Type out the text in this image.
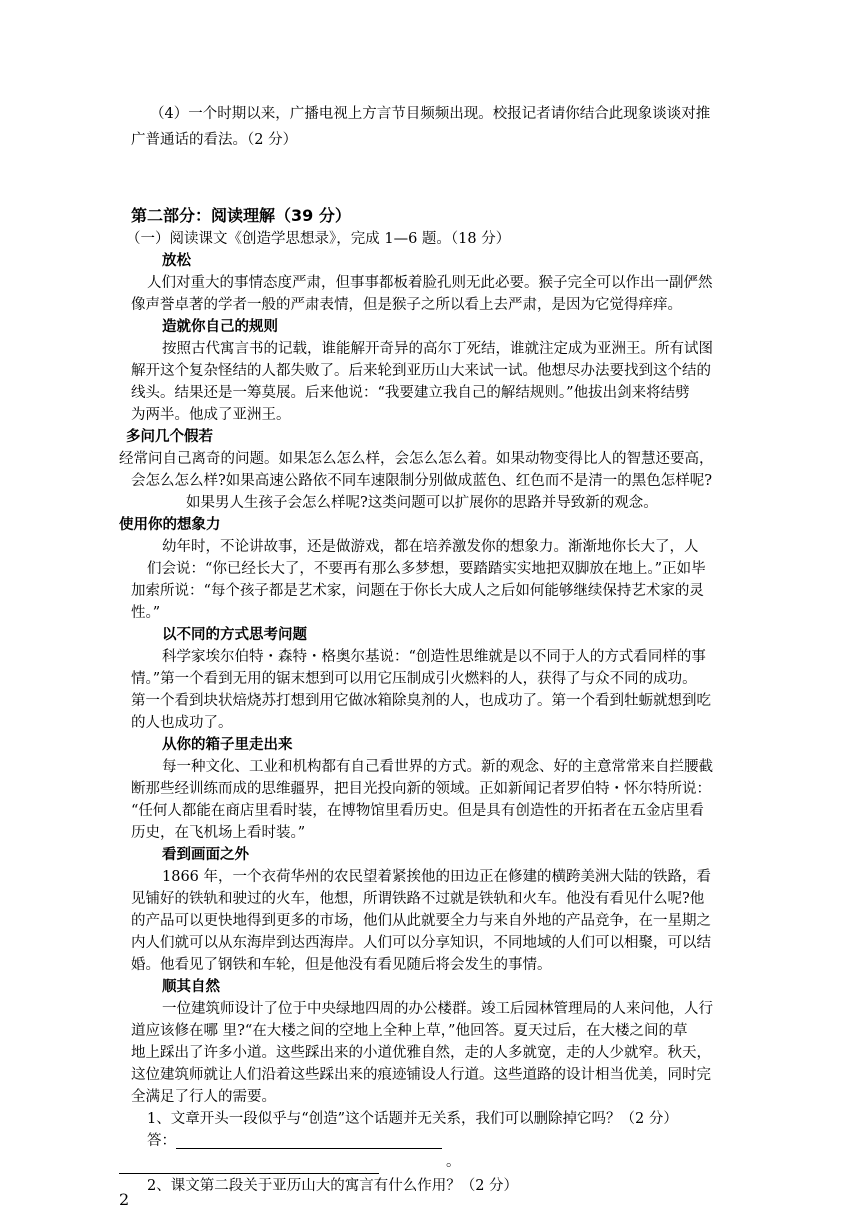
（4）一个时期以来，广播电视上方言节目频频出现。校报记者请你结合此现象谈谈对推
广普通话的看法。（2 分）
第二部分：阅读理解（39 分）
（一）阅读课文《创造学思想录》，完成 1—6 题。（18 分）
放松
人们对重大的事情态度严肃，但事事都板着脸孔则无此必要。猴子完全可以作出一副俨然
像声誉卓著的学者一般的严肃表情，但是猴子之所以看上去严肃，是因为它觉得痒痒。
造就你自己的规则
按照古代寓言书的记载，谁能解开奇异的高尔丁死结，谁就注定成为亚洲王。所有试图
解开这个复杂怪结的人都失败了。后来轮到亚历山大来试一试。他想尽办法要找到这个结的
线头。结果还是一筹莫展。后来他说：“我要建立我自己的解结规则。”他拔出剑来将结劈
为两半。他成了亚洲王。
多问几个假若
经常问自己离奇的问题。如果怎么怎么样，会怎么怎么着。如果动物变得比人的智慧还要高，
会怎么怎么样?如果高速公路依不同车速限制分别做成蓝色、红色而不是清一的黑色怎样呢?
如果男人生孩子会怎么样呢?这类问题可以扩展你的思路并导致新的观念。
使用你的想象力
幼年时，不论讲故事，还是做游戏，都在培养激发你的想象力。渐渐地你长大了，人
们会说：“你已经长大了，不要再有那么多梦想，要踏踏实实地把双脚放在地上。”正如毕
加索所说：“每个孩子都是艺术家，问题在于你长大成人之后如何能够继续保持艺术家的灵
性。”
以不同的方式思考问题
科学家埃尔伯特・森特・格奥尔基说：“创造性思维就是以不同于人的方式看同样的事
情。”第一个看到无用的锯末想到可以用它压制成引火燃料的人，获得了与众不同的成功。
第一个看到块状焙烧苏打想到用它做冰箱除臭剂的人，也成功了。第一个看到牡蛎就想到吃
的人也成功了。
从你的箱子里走出来
每一种文化、工业和机构都有自己看世界的方式。新的观念、好的主意常常来自拦腰截
断那些经训练而成的思维疆界，把目光投向新的领域。正如新闻记者罗伯特・怀尔特所说：
“任何人都能在商店里看时装，在博物馆里看历史。但是具有创造性的开拓者在五金店里看
历史，在飞机场上看时装。”
看到画面之外
1866 年，一个衣荷华州的农民望着紧挨他的田边正在修建的横跨美洲大陆的铁路，看
见铺好的铁轨和驶过的火车，他想，所谓铁路不过就是铁轨和火车。他没有看见什么呢?他
的产品可以更快地得到更多的市场，他们从此就要全力与来自外地的产品竞争，在一星期之
内人们就可以从东海岸到达西海岸。人们可以分享知识，不同地域的人们可以相聚，可以结
婚。他看见了钢铁和车轮，但是他没有看见随后将会发生的事情。
顺其自然
一位建筑师设计了位于中央绿地四周的办公楼群。竣工后园林管理局的人来问他，人行
道应该修在哪 里?“在大楼之间的空地上全种上草，”他回答。夏天过后，在大楼之间的草
地上踩出了许多小道。这些踩出来的小道优雅自然，走的人多就宽，走的人少就窄。秋天，
这位建筑师就让人们沿着这些踩出来的痕迹铺设人行道。这些道路的设计相当优美，同时完
全满足了行人的需要。
1、文章开头一段似乎与“创造”这个话题并无关系，我们可以删除掉它吗？（2 分）
答：
。
2、课文第二段关于亚历山大的寓言有什么作用？（2 分）
2
